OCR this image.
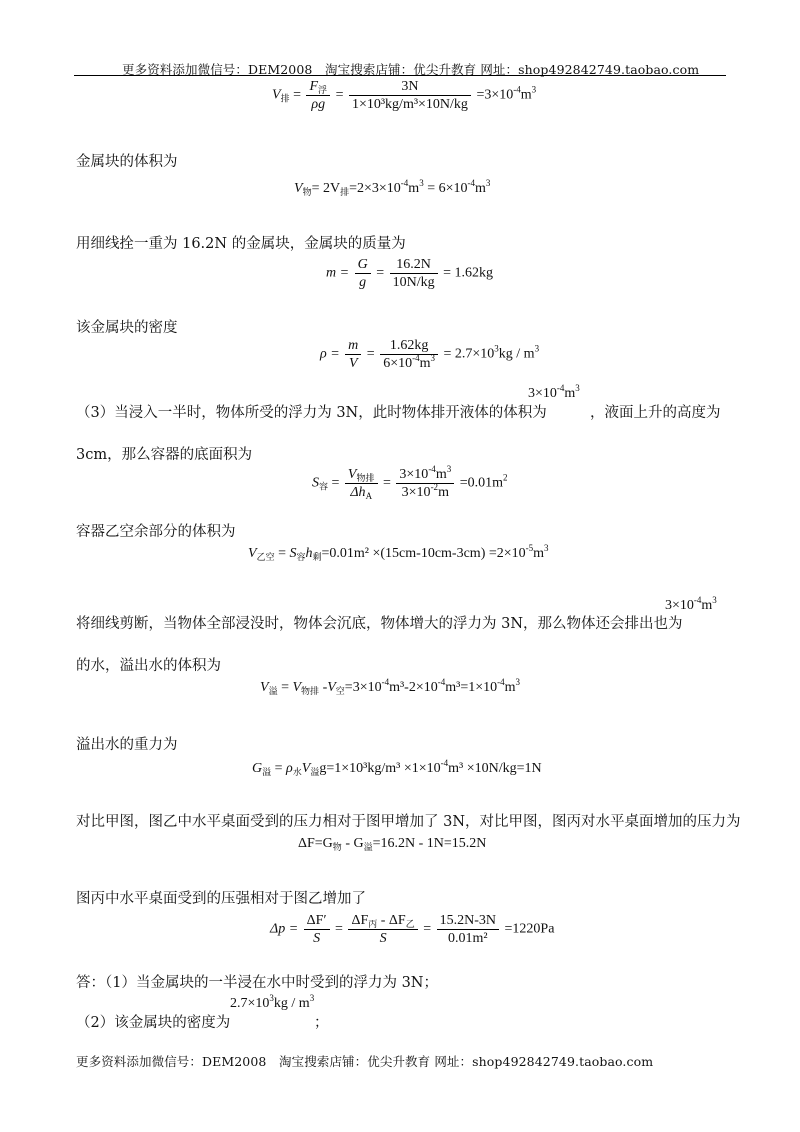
更多资料添加微信号：DEM2008　淘宝搜索店铺：优尖升教育 网址：shop492842749.taobao.com
$V_排 = \frac{F_浮}{\rho g} = \frac{3N}{\text{1×10³kg/m³×10N/kg}} =3\times 10^{-4}m^3$
金属块的体积为
$V_物= 2V_排=2\times 3\times 10^{-4}m^3 = 6\times 10^{-4}m^3$
用细线拴一重为 16.2N 的金属块，金属块的质量为
$m = \frac{G}{g} = \frac{16.2N}{10N/kg} = 1.62kg$
该金属块的密度
$\rho = \frac{m}{V} = \frac{1.62kg}{6\times 10^{-4}m^3} = 2.7\times 10^3kg / m^3$
（3）当浸入一半时，物体所受的浮力为 3N，此时物体排开液体的体积为
$3\times 10^{-4}m^3$
，液面上升的高度为
3cm，那么容器的底面积为
$S_容 = \frac{V_{物排}}{\Delta h_A} = \frac{3\times 10^{-4}m^3}{3\times 10^{-2}m} =0.01m^2$
容器乙空余部分的体积为
$V_{乙空} = S_容h_剩=0.01m^2 \times(15cm-10cm-3cm) =2\times 10^{-5}m^3$
将细线剪断，当物体全部浸没时，物体会沉底，物体增大的浮力为 3N，那么物体还会排出也为
$3\times 10^{-4}m^3$
的水，溢出水的体积为
$V_溢 = V_{物排}$ $-V_空=3\times 10^{-4}m^3-2\times 10^{-4}m^3=1\times 10^{-4}m^3$
溢出水的重力为
$G_溢 = \rho_水V_溢g=1\times 10^3kg/m^3 \times 1\times 10^{-4}m^3 \times 10N/kg=1N$
对比甲图，图乙中水平桌面受到的压力相对于图甲增加了 3N，对比甲图，图丙对水平桌面增加的压力为
$\Delta F=G_物 - G_溢=16.2N - 1N=15.2N$
图丙中水平桌面受到的压强相对于图乙增加了
$\Delta p = \frac{\Delta F'}{S} = \frac{\Delta F_丙 - \Delta F_乙}{S} = \frac{15.2N-3N}{\text{0.01m²}} =1220Pa$
答：（1）当金属块的一半浸在水中时受到的浮力为 3N；
（2）该金属块的密度为
$2.7\times 10^3kg / m^3$
；
更多资料添加微信号：DEM2008　淘宝搜索店铺：优尖升教育 网址：shop492842749.taobao.com
